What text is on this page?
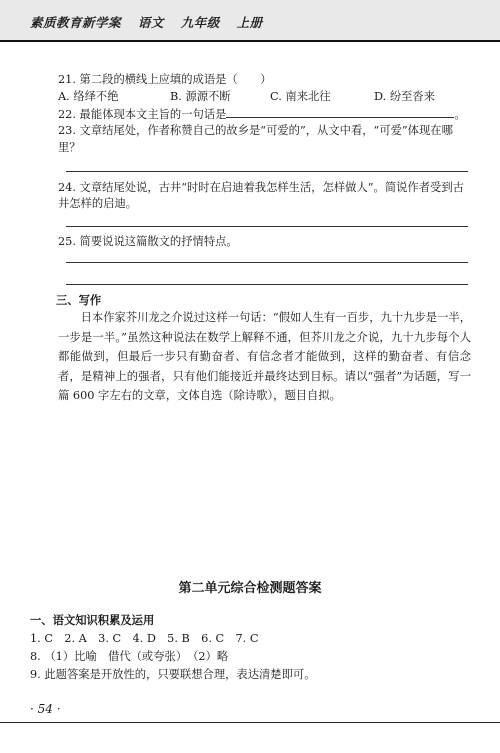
素质教育新学案 语文 九年级 上册
21. 第二段的横线上应填的成语是（　　）
A. 络绎不绝	B. 源源不断	C. 南来北往	D. 纷至沓来
22. 最能体现本文主旨的一句话是	。
23. 文章结尾处，作者称赞自己的故乡是“可爱的”，从文中看，“可爱”体现在哪
里？
24. 文章结尾处说，古井“时时在启迪着我怎样生活，怎样做人”。简说作者受到古
井怎样的启迪。
25. 简要说说这篇散文的抒情特点。
三、写作

日本作家芥川龙之介说过这样一句话：“假如人生有一百步，九十九步是一半，一步是一半。”虽然这种说法在数学上解释不通，但芥川龙之介说，九十九步每个人都能做到，但最后一步只有勤奋者、有信念者才能做到，这样的勤奋者、有信念者，是精神上的强者，只有他们能接近并最终达到目标。请以“强者”为话题，写一篇 600 字左右的文章，文体自选（除诗歌），题目自拟。

第二单元综合检测题答案
一、语文知识积累及运用
1. C　2. A　3. C　4. D　5. B　6. C　7. C
8. （1）比喻　借代（或夸张）　（2）略
9. 此题答案是开放性的，只要联想合理，表达清楚即可。
· 54 ·
